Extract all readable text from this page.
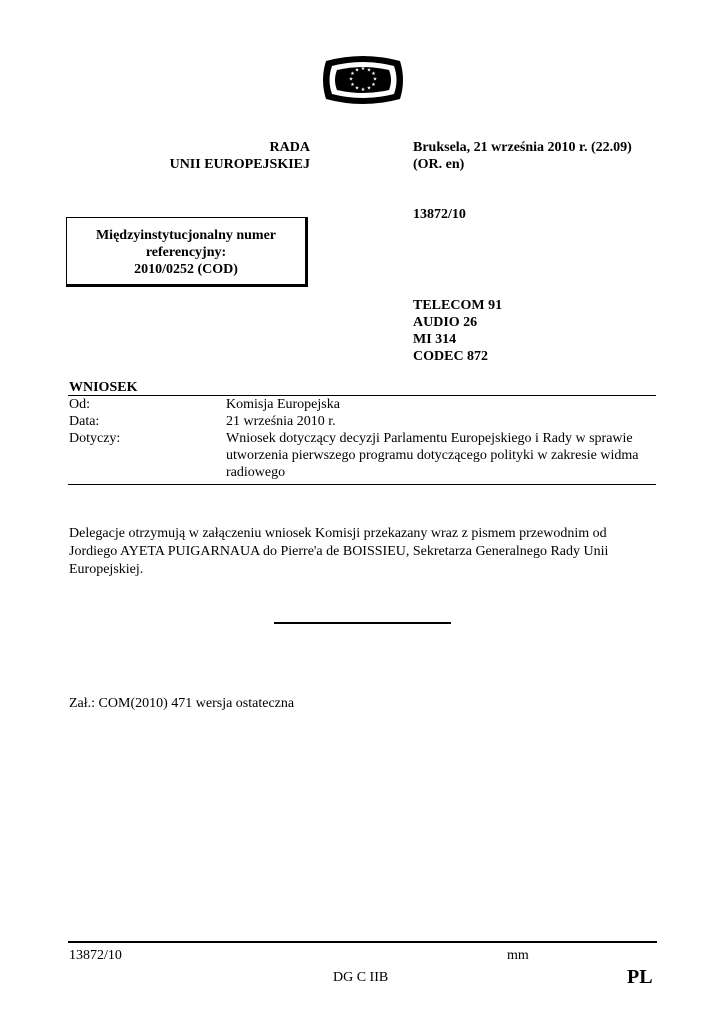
★ ★
★
★
★
★
★
★
★
★
★
★
RADA
UNII EUROPEJSKIEJ
Bruksela, 21 września 2010 r. (22.09)
(OR. en)
13872/10
Międzyinstytucjonalny numer
referencyjny:
2010/0252 (COD)
TELECOM 91
AUDIO 26
MI 314
CODEC 872
WNIOSEK
Od:	Komisja Europejska
Data:	21 września 2010 r.
Dotyczy:	Wniosek dotyczący decyzji Parlamentu Europejskiego i Rady w sprawie
utworzenia pierwszego programu dotyczącego polityki w zakresie widma
radiowego
Delegacje otrzymują w załączeniu wniosek Komisji przekazany wraz z pismem przewodnim od
Jordiego AYETA PUIGARNAUA do Pierre'a de BOISSIEU, Sekretarza Generalnego Rady Unii
Europejskiej.
Zał.: COM(2010) 471 wersja ostateczna
13872/10	mm
DG C IIB	PL
